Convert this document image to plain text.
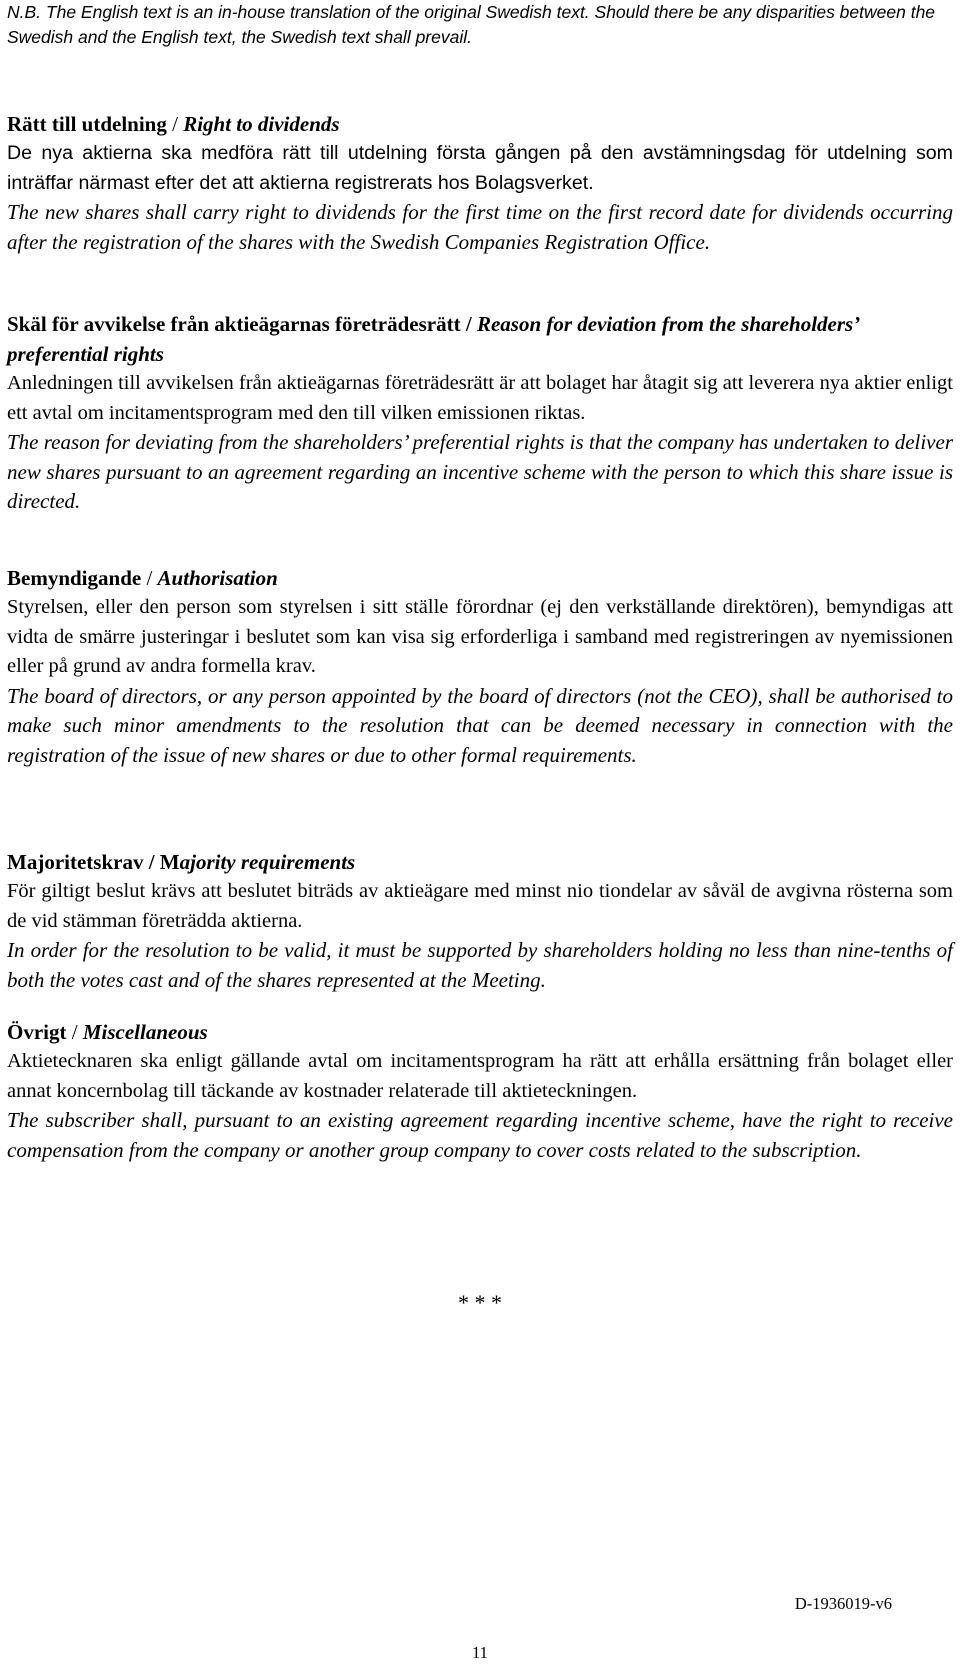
N.B. The English text is an in-house translation of the original Swedish text. Should there be any disparities between the Swedish and the English text, the Swedish text shall prevail.

Rätt till utdelning / Right to dividends

De nya aktierna ska medföra rätt till utdelning första gången på den avstämningsdag för utdelning som inträffar närmast efter det att aktierna registrerats hos Bolagsverket.

The new shares shall carry right to dividends for the first time on the first record date for dividends occurring after the registration of the shares with the Swedish Companies Registration Office.

Skäl för avvikelse från aktieägarnas företrädesrätt / Reason for deviation from the shareholders’ preferential rights

Anledningen till avvikelsen från aktieägarnas företrädesrätt är att bolaget har åtagit sig att leverera nya aktier enligt ett avtal om incitamentsprogram med den till vilken emissionen riktas.

The reason for deviating from the shareholders’ preferential rights is that the company has undertaken to deliver new shares pursuant to an agreement regarding an incentive scheme with the person to which this share issue is directed.

Bemyndigande / Authorisation

Styrelsen, eller den person som styrelsen i sitt ställe förordnar (ej den verkställande direktören), bemyndigas att vidta de smärre justeringar i beslutet som kan visa sig erforderliga i samband med registreringen av nyemissionen eller på grund av andra formella krav.

The board of directors, or any person appointed by the board of directors (not the CEO), shall be authorised to make such minor amendments to the resolution that can be deemed necessary in connection with the registration of the issue of new shares or due to other formal requirements.

Majoritetskrav / Majority requirements

För giltigt beslut krävs att beslutet biträds av aktieägare med minst nio tiondelar av såväl de avgivna rösterna som de vid stämman företrädda aktierna.

In order for the resolution to be valid, it must be supported by shareholders holding no less than nine-tenths of both the votes cast and of the shares represented at the Meeting.

Övrigt / Miscellaneous

Aktietecknaren ska enligt gällande avtal om incitamentsprogram ha rätt att erhålla ersättning från bolaget eller annat koncernbolag till täckande av kostnader relaterade till aktieteckningen.

The subscriber shall, pursuant to an existing agreement regarding incentive scheme, have the right to receive compensation from the company or another group company to cover costs related to the subscription.

* * *
D-1936019-v6
11
